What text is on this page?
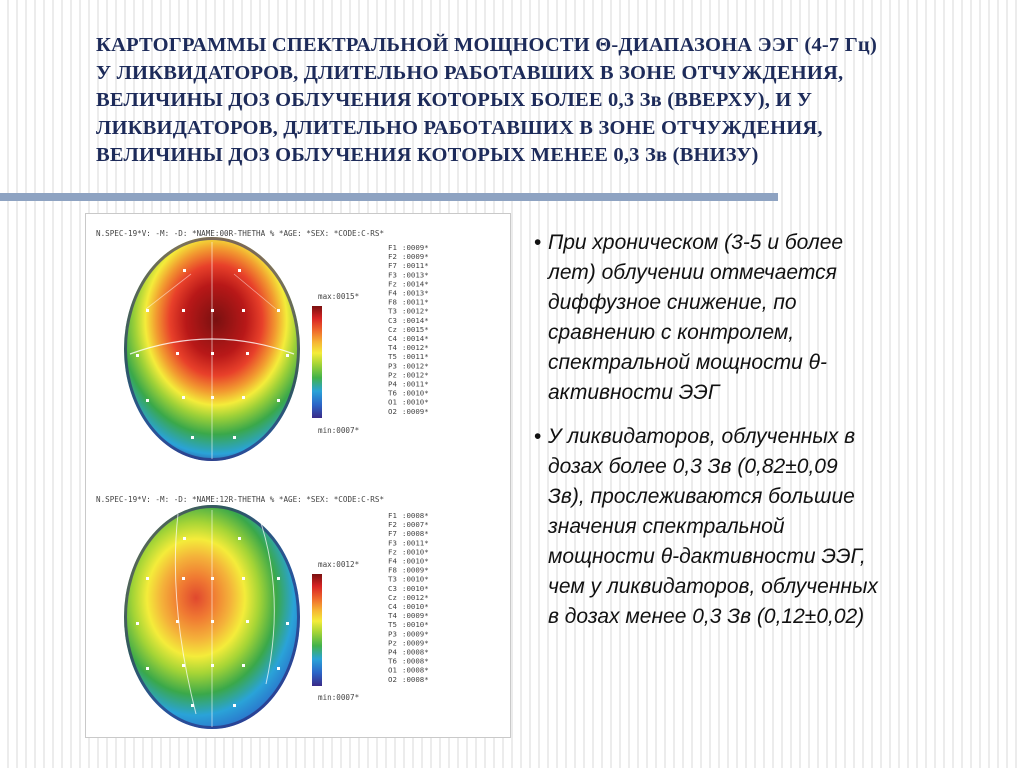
КАРТОГРАММЫ СПЕКТРАЛЬНОЙ МОЩНОСТИ Θ-ДИАПАЗОНА ЭЭГ (4-7 Гц)
У ЛИКВИДАТОРОВ, ДЛИТЕЛЬНО РАБОТАВШИХ В ЗОНЕ ОТЧУЖДЕНИЯ,
ВЕЛИЧИНЫ ДОЗ ОБЛУЧЕНИЯ КОТОРЫХ БОЛЕЕ 0,3 Зв (ВВЕРХУ), И У
ЛИКВИДАТОРОВ, ДЛИТЕЛЬНО РАБОТАВШИХ В ЗОНЕ ОТЧУЖДЕНИЯ,
ВЕЛИЧИНЫ ДОЗ ОБЛУЧЕНИЯ КОТОРЫХ МЕНЕЕ 0,3 Зв (ВНИЗУ)
N.SPEC-19*V: -M: -D: *NAME:00R-THETHA % *AGE: *SEX: *CODE:C-RS*
max:0015*
min:0007*
F1 :0009*
F2 :0009*
F7 :0011*
F3 :0013*
Fz :0014*
F4 :0013*
F8 :0011*
T3 :0012*
C3 :0014*
Cz :0015*
C4 :0014*
T4 :0012*
T5 :0011*
P3 :0012*
Pz :0012*
P4 :0011*
T6 :0010*
O1 :0010*
O2 :0009*
N.SPEC-19*V: -M: -D: *NAME:12R-THETHA % *AGE: *SEX: *CODE:C-RS*
max:0012*
min:0007*
F1 :0008*
F2 :0007*
F7 :0008*
F3 :0011*
Fz :0010*
F4 :0010*
F8 :0009*
T3 :0010*
C3 :0010*
Cz :0012*
C4 :0010*
T4 :0009*
T5 :0010*
P3 :0009*
Pz :0009*
P4 :0008*
T6 :0008*
O1 :0008*
O2 :0008*
• При хроническом (3-5 и более
лет) облучении отмечается
диффузное снижение, по
сравнению с контролем,
спектральной мощности θ-
активности ЭЭГ
• У ликвидаторов, облученных в
дозах более 0,3 Зв (0,82±0,09
Зв), прослеживаются большие
значения спектральной
мощности θ-дактивности ЭЭГ,
чем у ликвидаторов, облученных
в дозах менее 0,3 Зв (0,12±0,02)
